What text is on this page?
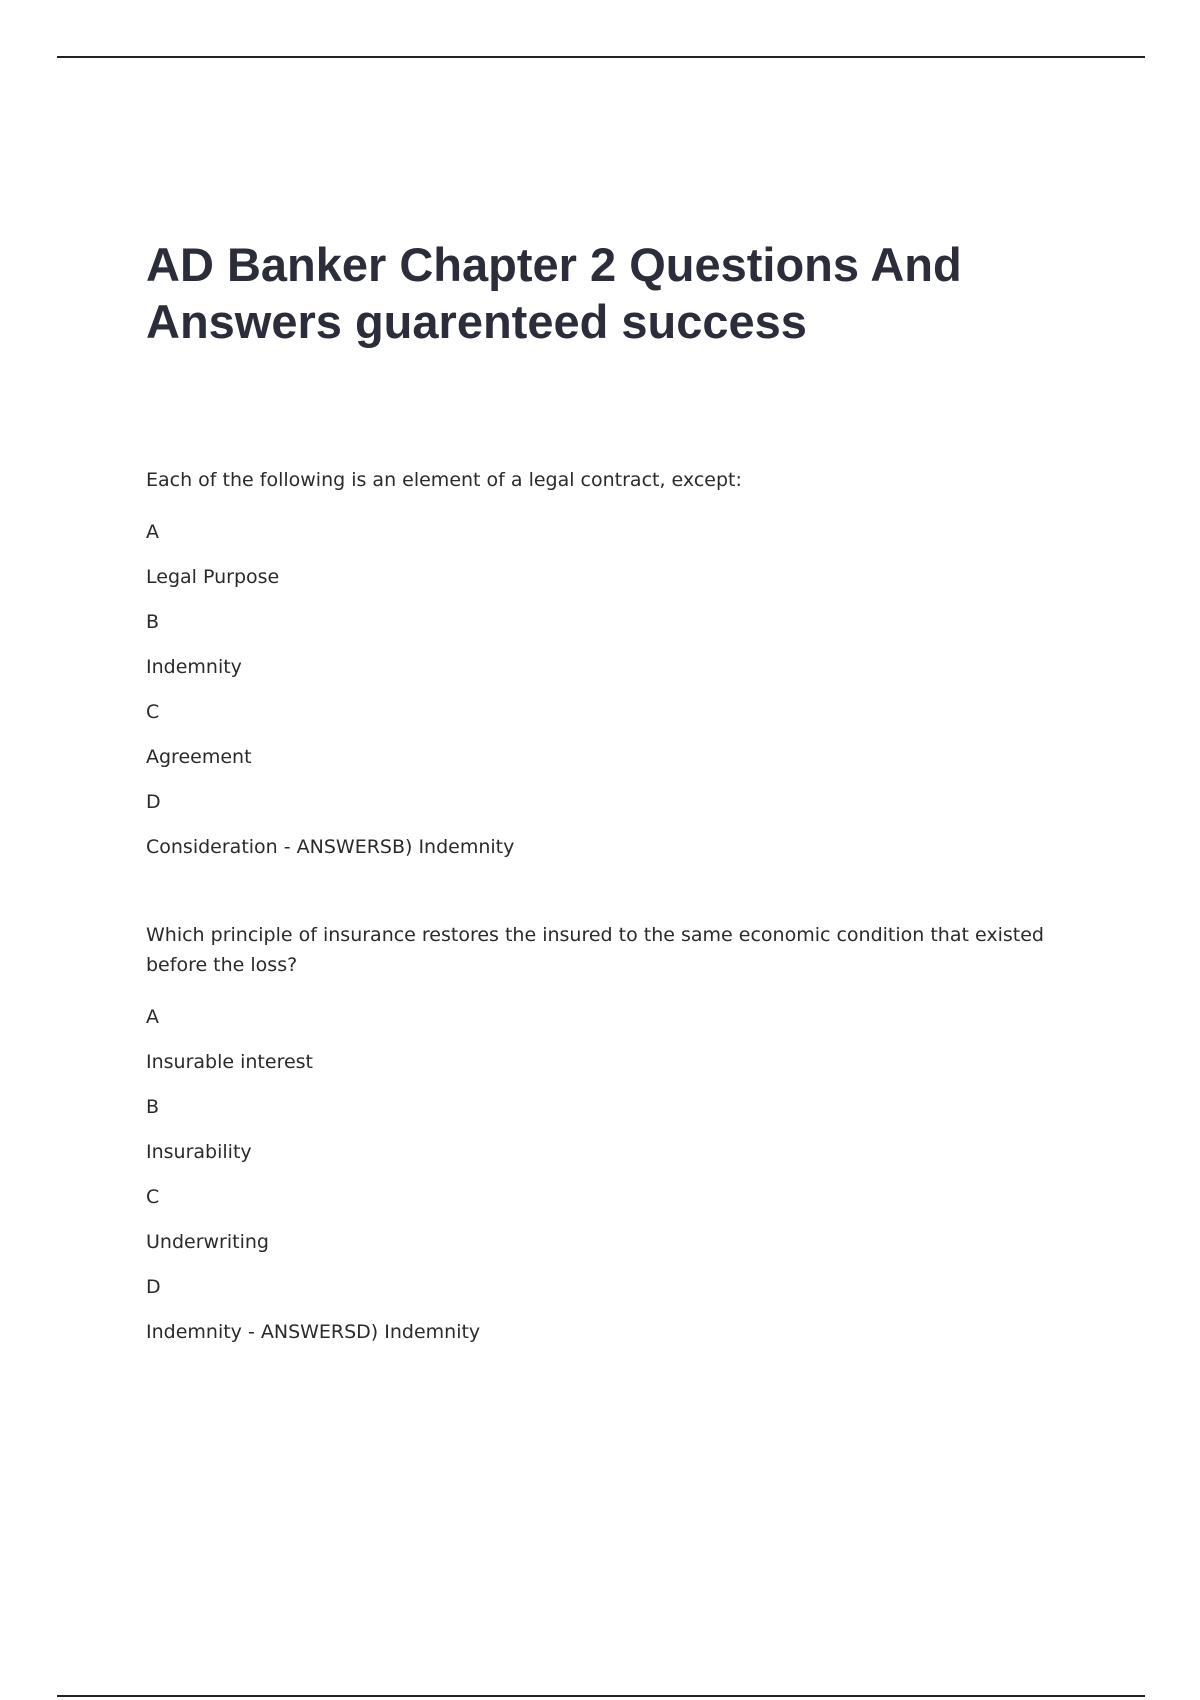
AD Banker Chapter 2 Questions And Answers guarenteed success

Each of the following is an element of a legal contract, except:

A

Legal Purpose

B

Indemnity

C

Agreement

D

Consideration - ANSWERSB) Indemnity

Which principle of insurance restores the insured to the same economic condition that existed before the loss?

A

Insurable interest

B

Insurability

C

Underwriting

D

Indemnity - ANSWERSD) Indemnity
